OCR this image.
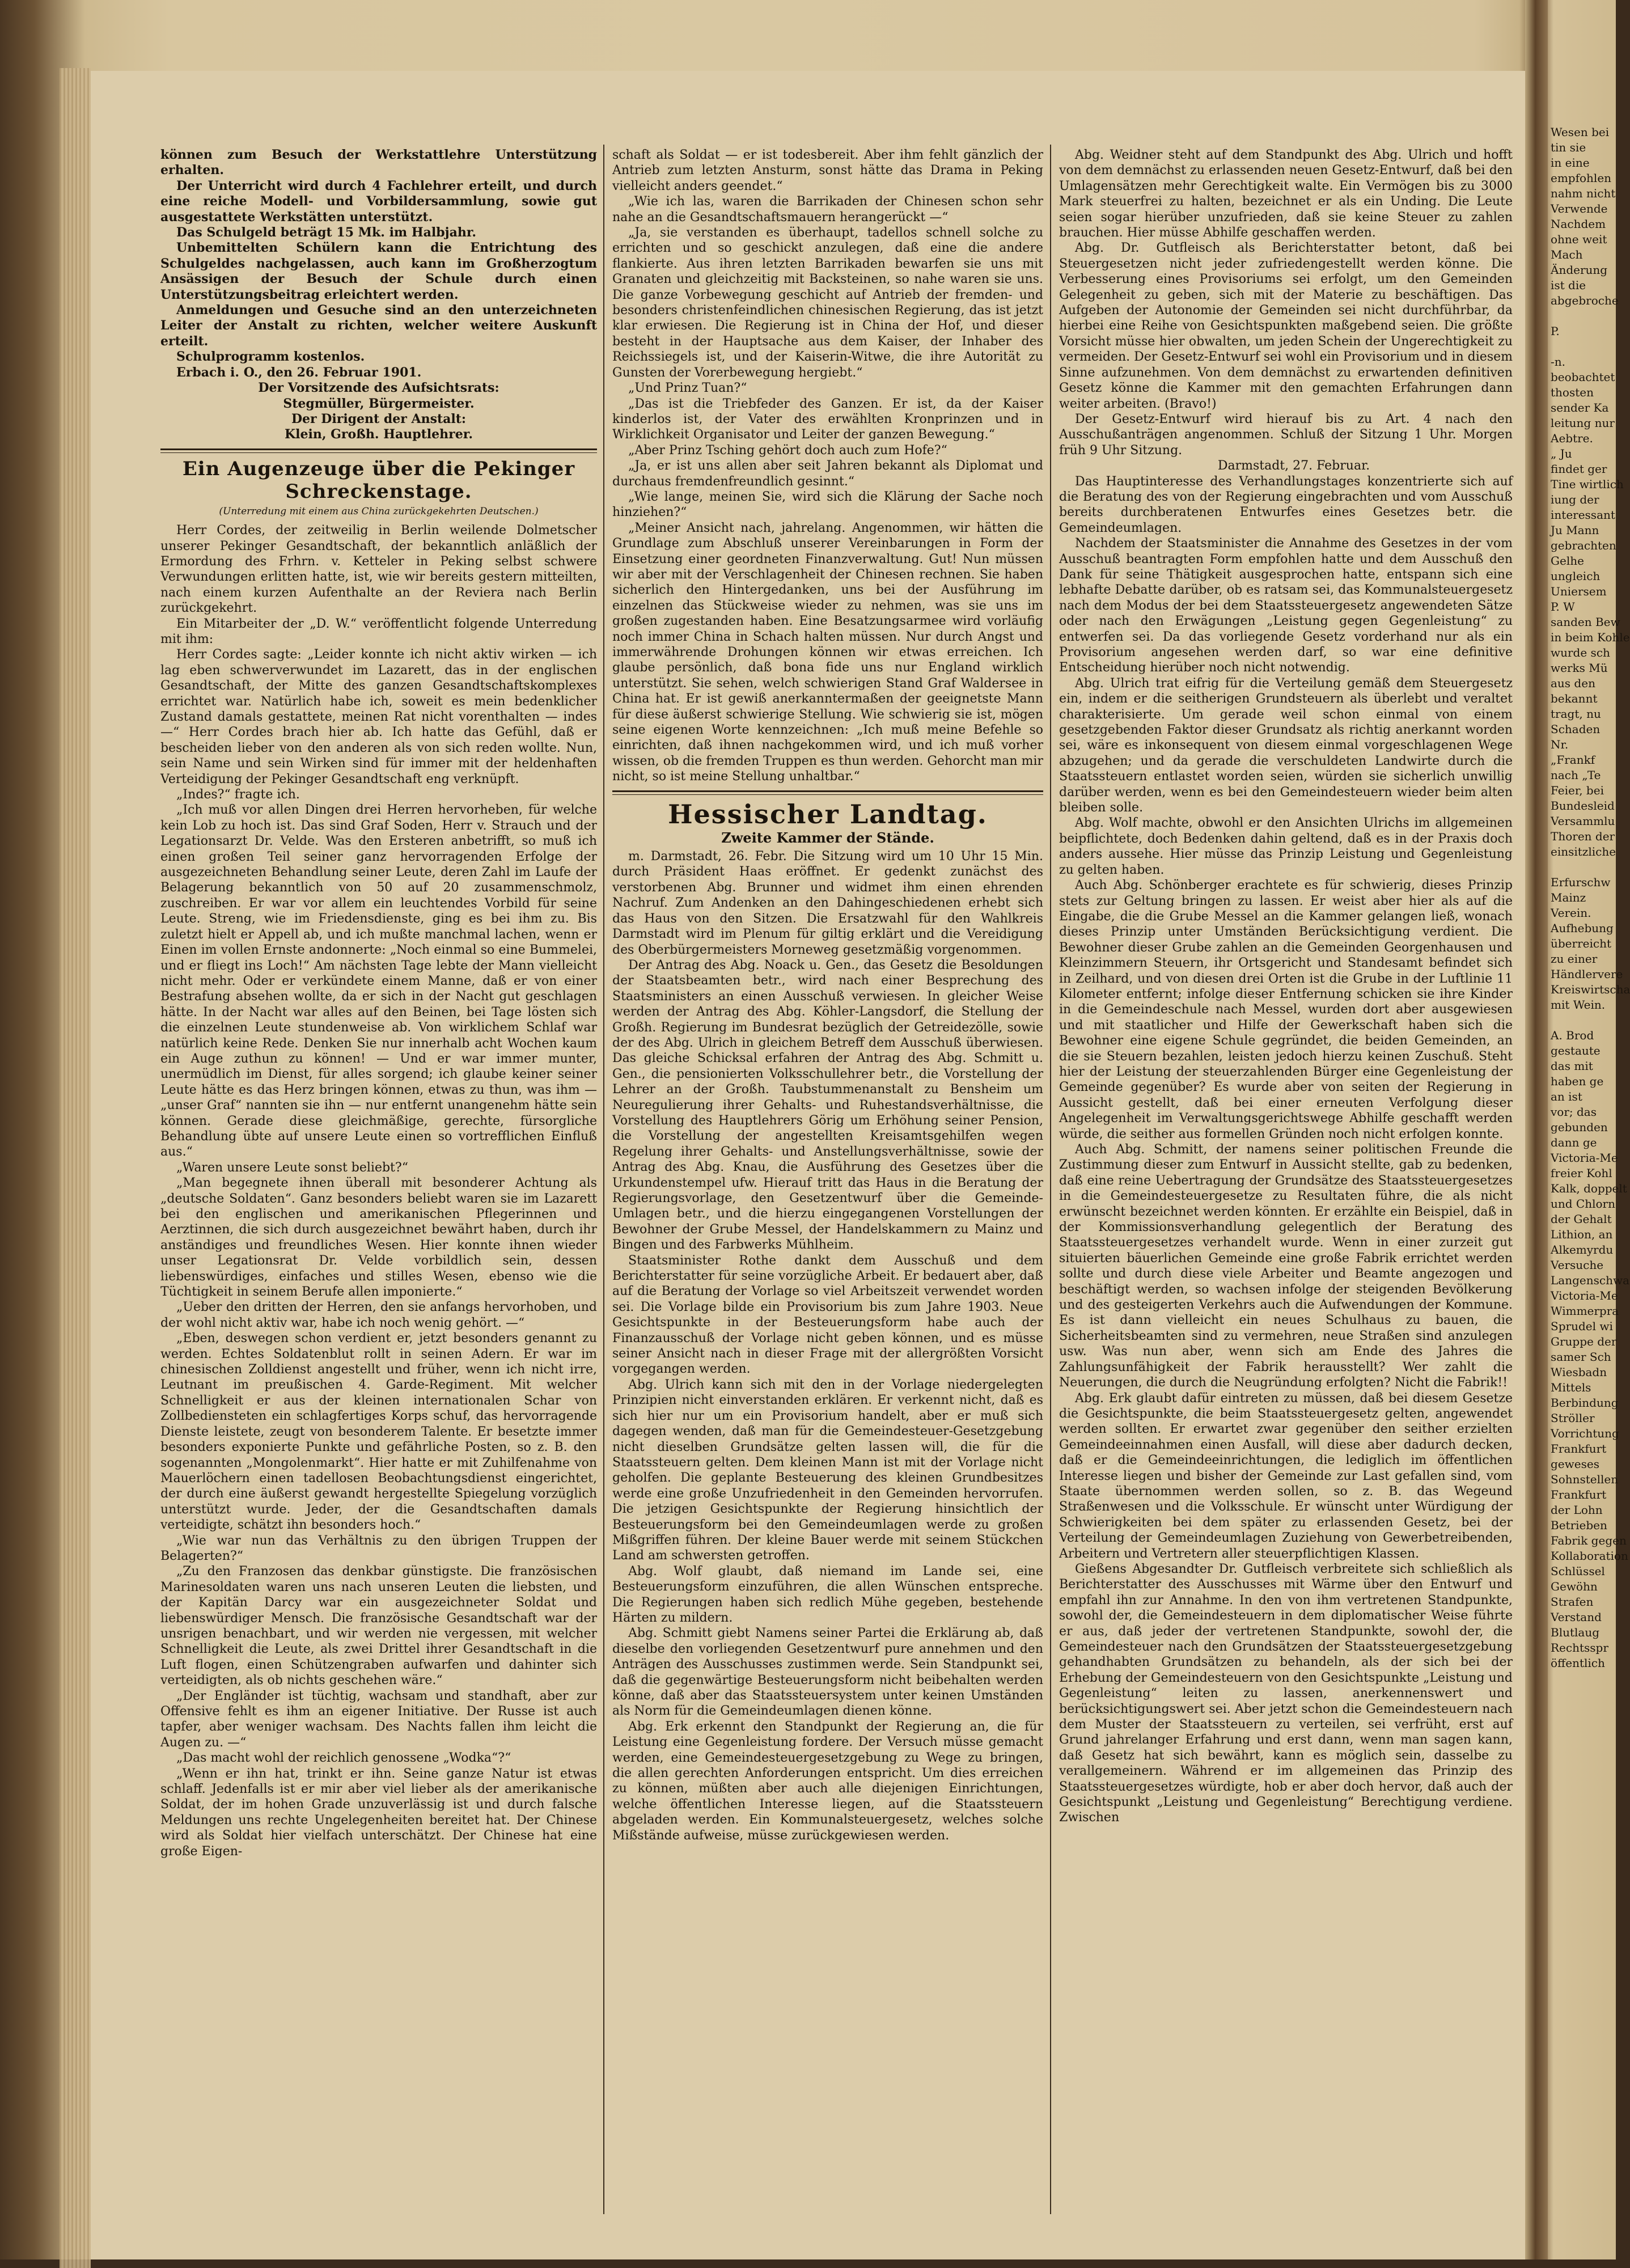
können zum Besuch der Werkstattlehre Unterstützung erhalten.

Der Unterricht wird durch 4 Fachlehrer erteilt, und durch eine reiche Modell- und Vorbildersammlung, sowie gut ausgestattete Werkstätten unterstützt.

Das Schulgeld beträgt 15 Mk. im Halbjahr.

Unbemittelten Schülern kann die Entrichtung des Schulgeldes nachgelassen, auch kann im Großherzogtum Ansässigen der Besuch der Schule durch einen Unterstützungsbeitrag erleichtert werden.

Anmeldungen und Gesuche sind an den unterzeichneten Leiter der Anstalt zu richten, welcher weitere Auskunft erteilt.

Schulprogramm kostenlos.

Erbach i. O., den 26. Februar 1901.

Der Vorsitzende des Aufsichtsrats:

Stegmüller, Bürgermeister.

Der Dirigent der Anstalt:

Klein, Großh. Hauptlehrer.

Ein Augenzeuge über die Pekinger Schreckenstage.
(Unterredung mit einem aus China zurückgekehrten Deutschen.)

Herr Cordes, der zeitweilig in Berlin weilende Dolmetscher unserer Pekinger Gesandtschaft, der bekanntlich anläßlich der Ermordung des Frhrn. v. Ketteler in Peking selbst schwere Verwundungen erlitten hatte, ist, wie wir bereits gestern mitteilten, nach einem kurzen Aufenthalte an der Reviera nach Berlin zurückgekehrt.

Ein Mitarbeiter der „D. W.“ veröffentlicht folgende Unterredung mit ihm:

Herr Cordes sagte: „Leider konnte ich nicht aktiv wirken — ich lag eben schwerverwundet im Lazarett, das in der englischen Gesandtschaft, der Mitte des ganzen Gesandtschaftskomplexes errichtet war. Natürlich habe ich, soweit es mein bedenklicher Zustand damals gestattete, meinen Rat nicht vorenthalten — indes —“ Herr Cordes brach hier ab. Ich hatte das Gefühl, daß er bescheiden lieber von den anderen als von sich reden wollte. Nun, sein Name und sein Wirken sind für immer mit der heldenhaften Verteidigung der Pekinger Gesandtschaft eng verknüpft.

„Indes?“ fragte ich.

„Ich muß vor allen Dingen drei Herren hervorheben, für welche kein Lob zu hoch ist. Das sind Graf Soden, Herr v. Strauch und der Legationsarzt Dr. Velde. Was den Ersteren anbetrifft, so muß ich einen großen Teil seiner ganz hervorragenden Erfolge der ausgezeichneten Behandlung seiner Leute, deren Zahl im Laufe der Belagerung bekanntlich von 50 auf 20 zusammenschmolz, zuschreiben. Er war vor allem ein leuchtendes Vorbild für seine Leute. Streng, wie im Friedensdienste, ging es bei ihm zu. Bis zuletzt hielt er Appell ab, und ich mußte manchmal lachen, wenn er Einen im vollen Ernste andonnerte: „Noch einmal so eine Bummelei, und er fliegt ins Loch!“ Am nächsten Tage lebte der Mann vielleicht nicht mehr. Oder er verkündete einem Manne, daß er von einer Bestrafung absehen wollte, da er sich in der Nacht gut geschlagen hätte. In der Nacht war alles auf den Beinen, bei Tage lösten sich die einzelnen Leute stundenweise ab. Von wirklichem Schlaf war natürlich keine Rede. Denken Sie nur innerhalb acht Wochen kaum ein Auge zuthun zu können! — Und er war immer munter, unermüdlich im Dienst, für alles sorgend; ich glaube keiner seiner Leute hätte es das Herz bringen können, etwas zu thun, was ihm — „unser Graf“ nannten sie ihn — nur entfernt unangenehm hätte sein können. Gerade diese gleichmäßige, gerechte, fürsorgliche Behandlung übte auf unsere Leute einen so vortrefflichen Einfluß aus.“

„Waren unsere Leute sonst beliebt?“

„Man begegnete ihnen überall mit besonderer Achtung als „deutsche Soldaten“. Ganz besonders beliebt waren sie im Lazarett bei den englischen und amerikanischen Pflegerinnen und Aerztinnen, die sich durch ausgezeichnet bewährt haben, durch ihr anständiges und freundliches Wesen. Hier konnte ihnen wieder unser Legationsrat Dr. Velde vorbildlich sein, dessen liebenswürdiges, einfaches und stilles Wesen, ebenso wie die Tüchtigkeit in seinem Berufe allen imponierte.“

„Ueber den dritten der Herren, den sie anfangs hervorhoben, und der wohl nicht aktiv war, habe ich noch wenig gehört. —“

„Eben, deswegen schon verdient er, jetzt besonders genannt zu werden. Echtes Soldatenblut rollt in seinen Adern. Er war im chinesischen Zolldienst angestellt und früher, wenn ich nicht irre, Leutnant im preußischen 4. Garde-Regiment. Mit welcher Schnelligkeit er aus der kleinen internationalen Schar von Zollbediensteten ein schlagfertiges Korps schuf, das hervorragende Dienste leistete, zeugt von besonderem Talente. Er besetzte immer besonders exponierte Punkte und gefährliche Posten, so z. B. den sogenannten „Mongolenmarkt“. Hier hatte er mit Zuhilfenahme von Mauerlöchern einen tadellosen Beobachtungsdienst eingerichtet, der durch eine äußerst gewandt hergestellte Spiegelung vorzüglich unterstützt wurde. Jeder, der die Gesandtschaften damals verteidigte, schätzt ihn besonders hoch.“

„Wie war nun das Verhältnis zu den übrigen Truppen der Belagerten?“

„Zu den Franzosen das denkbar günstigste. Die französischen Marinesoldaten waren uns nach unseren Leuten die liebsten, und der Kapitän Darcy war ein ausgezeichneter Soldat und liebenswürdiger Mensch. Die französische Gesandtschaft war der unsrigen benachbart, und wir werden nie vergessen, mit welcher Schnelligkeit die Leute, als zwei Drittel ihrer Gesandtschaft in die Luft flogen, einen Schützengraben aufwarfen und dahinter sich verteidigten, als ob nichts geschehen wäre.“

„Der Engländer ist tüchtig, wachsam und standhaft, aber zur Offensive fehlt es ihm an eigener Initiative. Der Russe ist auch tapfer, aber weniger wachsam. Des Nachts fallen ihm leicht die Augen zu. —“

„Das macht wohl der reichlich genossene „Wodka“?“

„Wenn er ihn hat, trinkt er ihn. Seine ganze Natur ist etwas schlaff. Jedenfalls ist er mir aber viel lieber als der amerikanische Soldat, der im hohen Grade unzuverlässig ist und durch falsche Meldungen uns rechte Ungelegenheiten bereitet hat. Der Chinese wird als Soldat hier vielfach unterschätzt. Der Chinese hat eine große Eigen-

schaft als Soldat — er ist todesbereit. Aber ihm fehlt gänzlich der Antrieb zum letzten Ansturm, sonst hätte das Drama in Peking vielleicht anders geendet.“

„Wie ich las, waren die Barrikaden der Chinesen schon sehr nahe an die Gesandtschaftsmauern herangerückt —“

„Ja, sie verstanden es überhaupt, tadellos schnell solche zu errichten und so geschickt anzulegen, daß eine die andere flankierte. Aus ihren letzten Barrikaden bewarfen sie uns mit Granaten und gleichzeitig mit Backsteinen, so nahe waren sie uns. Die ganze Vorbewegung geschicht auf Antrieb der fremden- und besonders christenfeindlichen chinesischen Regierung, das ist jetzt klar erwiesen. Die Regierung ist in China der Hof, und dieser besteht in der Hauptsache aus dem Kaiser, der Inhaber des Reichssiegels ist, und der Kaiserin-Witwe, die ihre Autorität zu Gunsten der Vorerbewegung hergiebt.“

„Und Prinz Tuan?“

„Das ist die Triebfeder des Ganzen. Er ist, da der Kaiser kinderlos ist, der Vater des erwählten Kronprinzen und in Wirklichkeit Organisator und Leiter der ganzen Bewegung.“

„Aber Prinz Tsching gehört doch auch zum Hofe?“

„Ja, er ist uns allen aber seit Jahren bekannt als Diplomat und durchaus fremdenfreundlich gesinnt.“

„Wie lange, meinen Sie, wird sich die Klärung der Sache noch hinziehen?“

„Meiner Ansicht nach, jahrelang. Angenommen, wir hätten die Grundlage zum Abschluß unserer Vereinbarungen in Form der Einsetzung einer geordneten Finanzverwaltung. Gut! Nun müssen wir aber mit der Verschlagenheit der Chinesen rechnen. Sie haben sicherlich den Hintergedanken, uns bei der Ausführung im einzelnen das Stückweise wieder zu nehmen, was sie uns im großen zugestanden haben. Eine Besatzungsarmee wird vorläufig noch immer China in Schach halten müssen. Nur durch Angst und immerwährende Drohungen können wir etwas erreichen. Ich glaube persönlich, daß bona fide uns nur England wirklich unterstützt. Sie sehen, welch schwierigen Stand Graf Waldersee in China hat. Er ist gewiß anerkanntermaßen der geeignetste Mann für diese äußerst schwierige Stellung. Wie schwierig sie ist, mögen seine eigenen Worte kennzeichnen: „Ich muß meine Befehle so einrichten, daß ihnen nachgekommen wird, und ich muß vorher wissen, ob die fremden Truppen es thun werden. Gehorcht man mir nicht, so ist meine Stellung unhaltbar.“

Hessischer Landtag.
Zweite Kammer der Stände.

m. Darmstadt, 26. Febr. Die Sitzung wird um 10 Uhr 15 Min. durch Präsident Haas eröffnet. Er gedenkt zunächst des verstorbenen Abg. Brunner und widmet ihm einen ehrenden Nachruf. Zum Andenken an den Dahingeschiedenen erhebt sich das Haus von den Sitzen. Die Ersatzwahl für den Wahlkreis Darmstadt wird im Plenum für giltig erklärt und die Vereidigung des Oberbürgermeisters Morneweg gesetzmäßig vorgenommen.

Der Antrag des Abg. Noack u. Gen., das Gesetz die Besoldungen der Staatsbeamten betr., wird nach einer Besprechung des Staatsministers an einen Ausschuß verwiesen. In gleicher Weise werden der Antrag des Abg. Köhler-Langsdorf, die Stellung der Großh. Regierung im Bundesrat bezüglich der Getreidezölle, sowie der des Abg. Ulrich in gleichem Betreff dem Ausschuß überwiesen. Das gleiche Schicksal erfahren der Antrag des Abg. Schmitt u. Gen., die pensionierten Volksschullehrer betr., die Vorstellung der Lehrer an der Großh. Taubstummenanstalt zu Bensheim um Neuregulierung ihrer Gehalts- und Ruhestandsverhältnisse, die Vorstellung des Hauptlehrers Görig um Erhöhung seiner Pension, die Vorstellung der angestellten Kreisamtsgehilfen wegen Regelung ihrer Gehalts- und Anstellungsverhältnisse, sowie der Antrag des Abg. Knau, die Ausführung des Gesetzes über die Urkundenstempel ufw. Hierauf tritt das Haus in die Beratung der Regierungsvorlage, den Gesetzentwurf über die Gemeinde-Umlagen betr., und die hierzu eingegangenen Vorstellungen der Bewohner der Grube Messel, der Handelskammern zu Mainz und Bingen und des Farbwerks Mühlheim.

Staatsminister Rothe dankt dem Ausschuß und dem Berichterstatter für seine vorzügliche Arbeit. Er bedauert aber, daß auf die Beratung der Vorlage so viel Arbeitszeit verwendet worden sei. Die Vorlage bilde ein Provisorium bis zum Jahre 1903. Neue Gesichtspunkte in der Besteuerungsform habe auch der Finanzausschuß der Vorlage nicht geben können, und es müsse seiner Ansicht nach in dieser Frage mit der allergrößten Vorsicht vorgegangen werden.

Abg. Ulrich kann sich mit den in der Vorlage niedergelegten Prinzipien nicht einverstanden erklären. Er verkennt nicht, daß es sich hier nur um ein Provisorium handelt, aber er muß sich dagegen wenden, daß man für die Gemeindesteuer-Gesetzgebung nicht dieselben Grundsätze gelten lassen will, die für die Staatssteuern gelten. Dem kleinen Mann ist mit der Vorlage nicht geholfen. Die geplante Besteuerung des kleinen Grundbesitzes werde eine große Unzufriedenheit in den Gemeinden hervorrufen. Die jetzigen Gesichtspunkte der Regierung hinsichtlich der Besteuerungsform bei den Gemeindeumlagen werde zu großen Mißgriffen führen. Der kleine Bauer werde mit seinem Stückchen Land am schwersten getroffen.

Abg. Wolf glaubt, daß niemand im Lande sei, eine Besteuerungsform einzuführen, die allen Wünschen entspreche. Die Regierungen haben sich redlich Mühe gegeben, bestehende Härten zu mildern.

Abg. Schmitt giebt Namens seiner Partei die Erklärung ab, daß dieselbe den vorliegenden Gesetzentwurf pure annehmen und den Anträgen des Ausschusses zustimmen werde. Sein Standpunkt sei, daß die gegenwärtige Besteuerungsform nicht beibehalten werden könne, daß aber das Staatssteuersystem unter keinen Umständen als Norm für die Gemeindeumlagen dienen könne.

Abg. Erk erkennt den Standpunkt der Regierung an, die für Leistung eine Gegenleistung fordere. Der Versuch müsse gemacht werden, eine Gemeindesteuergesetzgebung zu Wege zu bringen, die allen gerechten Anforderungen entspricht. Um dies erreichen zu können, müßten aber auch alle diejenigen Einrichtungen, welche öffentlichen Interesse liegen, auf die Staatssteuern abgeladen werden. Ein Kommunalsteuergesetz, welches solche Mißstände aufweise, müsse zurückgewiesen werden.

Abg. Weidner steht auf dem Standpunkt des Abg. Ulrich und hofft von dem demnächst zu erlassenden neuen Gesetz-Entwurf, daß bei den Umlagensätzen mehr Gerechtigkeit walte. Ein Vermögen bis zu 3000 Mark steuerfrei zu halten, bezeichnet er als ein Unding. Die Leute seien sogar hierüber unzufrieden, daß sie keine Steuer zu zahlen brauchen. Hier müsse Abhilfe geschaffen werden.

Abg. Dr. Gutfleisch als Berichterstatter betont, daß bei Steuergesetzen nicht jeder zufriedengestellt werden könne. Die Verbesserung eines Provisoriums sei erfolgt, um den Gemeinden Gelegenheit zu geben, sich mit der Materie zu beschäftigen. Das Aufgeben der Autonomie der Gemeinden sei nicht durchführbar, da hierbei eine Reihe von Gesichtspunkten maßgebend seien. Die größte Vorsicht müsse hier obwalten, um jeden Schein der Ungerechtigkeit zu vermeiden. Der Gesetz-Entwurf sei wohl ein Provisorium und in diesem Sinne aufzunehmen. Von dem demnächst zu erwartenden definitiven Gesetz könne die Kammer mit den gemachten Erfahrungen dann weiter arbeiten. (Bravo!)

Der Gesetz-Entwurf wird hierauf bis zu Art. 4 nach den Ausschußanträgen angenommen. Schluß der Sitzung 1 Uhr. Morgen früh 9 Uhr Sitzung.

Darmstadt, 27. Februar.

Das Hauptinteresse des Verhandlungstages konzentrierte sich auf die Beratung des von der Regierung eingebrachten und vom Ausschuß bereits durchberatenen Entwurfes eines Gesetzes betr. die Gemeindeumlagen.

Nachdem der Staatsminister die Annahme des Gesetzes in der vom Ausschuß beantragten Form empfohlen hatte und dem Ausschuß den Dank für seine Thätigkeit ausgesprochen hatte, entspann sich eine lebhafte Debatte darüber, ob es ratsam sei, das Kommunalsteuergesetz nach dem Modus der bei dem Staatssteuergesetz angewendeten Sätze oder nach den Erwägungen „Leistung gegen Gegenleistung“ zu entwerfen sei. Da das vorliegende Gesetz vorderhand nur als ein Provisorium angesehen werden darf, so war eine definitive Entscheidung hierüber noch nicht notwendig.

Abg. Ulrich trat eifrig für die Verteilung gemäß dem Steuergesetz ein, indem er die seitherigen Grundsteuern als überlebt und veraltet charakterisierte. Um gerade weil schon einmal von einem gesetzgebenden Faktor dieser Grundsatz als richtig anerkannt worden sei, wäre es inkonsequent von diesem einmal vorgeschlagenen Wege abzugehen; und da gerade die verschuldeten Landwirte durch die Staatssteuern entlastet worden seien, würden sie sicherlich unwillig darüber werden, wenn es bei den Gemeindesteuern wieder beim alten bleiben solle.

Abg. Wolf machte, obwohl er den Ansichten Ulrichs im allgemeinen beipflichtete, doch Bedenken dahin geltend, daß es in der Praxis doch anders aussehe. Hier müsse das Prinzip Leistung und Gegenleistung zu gelten haben.

Auch Abg. Schönberger erachtete es für schwierig, dieses Prinzip stets zur Geltung bringen zu lassen. Er weist aber hier als auf die Eingabe, die die Grube Messel an die Kammer gelangen ließ, wonach dieses Prinzip unter Umständen Berücksichtigung verdient. Die Bewohner dieser Grube zahlen an die Gemeinden Georgenhausen und Kleinzimmern Steuern, ihr Ortsgericht und Standesamt befindet sich in Zeilhard, und von diesen drei Orten ist die Grube in der Luftlinie 11 Kilometer entfernt; infolge dieser Entfernung schicken sie ihre Kinder in die Gemeindeschule nach Messel, wurden dort aber ausgewiesen und mit staatlicher und Hilfe der Gewerkschaft haben sich die Bewohner eine eigene Schule gegründet, die beiden Gemeinden, an die sie Steuern bezahlen, leisten jedoch hierzu keinen Zuschuß. Steht hier der Leistung der steuerzahlenden Bürger eine Gegenleistung der Gemeinde gegenüber? Es wurde aber von seiten der Regierung in Aussicht gestellt, daß bei einer erneuten Verfolgung dieser Angelegenheit im Verwaltungsgerichtswege Abhilfe geschafft werden würde, die seither aus formellen Gründen noch nicht erfolgen konnte.

Auch Abg. Schmitt, der namens seiner politischen Freunde die Zustimmung dieser zum Entwurf in Aussicht stellte, gab zu bedenken, daß eine reine Uebertragung der Grundsätze des Staatssteuergesetzes in die Gemeindesteuergesetze zu Resultaten führe, die als nicht erwünscht bezeichnet werden könnten. Er erzählte ein Beispiel, daß in der Kommissionsverhandlung gelegentlich der Beratung des Staatssteuergesetzes verhandelt wurde. Wenn in einer zurzeit gut situierten bäuerlichen Gemeinde eine große Fabrik errichtet werden sollte und durch diese viele Arbeiter und Beamte angezogen und beschäftigt werden, so wachsen infolge der steigenden Bevölkerung und des gesteigerten Verkehrs auch die Aufwendungen der Kommune. Es ist dann vielleicht ein neues Schulhaus zu bauen, die Sicherheitsbeamten sind zu vermehren, neue Straßen sind anzulegen usw. Was nun aber, wenn sich am Ende des Jahres die Zahlungsunfähigkeit der Fabrik herausstellt? Wer zahlt die Neuerungen, die durch die Neugründung erfolgten? Nicht die Fabrik!!

Abg. Erk glaubt dafür eintreten zu müssen, daß bei diesem Gesetze die Gesichtspunkte, die beim Staatssteuergesetz gelten, angewendet werden sollten. Er erwartet zwar gegenüber den seither erzielten Gemeindeeinnahmen einen Ausfall, will diese aber dadurch decken, daß er die Gemeindeeinrichtungen, die lediglich im öffentlichen Interesse liegen und bisher der Gemeinde zur Last gefallen sind, vom Staate übernommen werden sollen, so z. B. das Wegeund Straßenwesen und die Volksschule. Er wünscht unter Würdigung der Schwierigkeiten bei dem später zu erlassenden Gesetz, bei der Verteilung der Gemeindeumlagen Zuziehung von Gewerbetreibenden, Arbeitern und Vertretern aller steuerpflichtigen Klassen.

Gießens Abgesandter Dr. Gutfleisch verbreitete sich schließlich als Berichterstatter des Ausschusses mit Wärme über den Entwurf und empfahl ihn zur Annahme. In den von ihm vertretenen Standpunkte, sowohl der, die Gemeindesteuern in dem diplomatischer Weise führte er aus, daß jeder der vertretenen Standpunkte, sowohl der, die Gemeindesteuer nach den Grundsätzen der Staatssteuergesetzgebung gehandhabten Grundsätzen zu behandeln, als der sich bei der Erhebung der Gemeindesteuern von den Gesichtspunkte „Leistung und Gegenleistung“ leiten zu lassen, anerkennenswert und berücksichtigungswert sei. Aber jetzt schon die Gemeindesteuern nach dem Muster der Staatssteuern zu verteilen, sei verfrüht, erst auf Grund jahrelanger Erfahrung und erst dann, wenn man sagen kann, daß Gesetz hat sich bewährt, kann es möglich sein, dasselbe zu verallgemeinern. Während er im allgemeinen das Prinzip des Staatssteuergesetzes würdigte, hob er aber doch hervor, daß auch der Gesichtspunkt „Leistung und Gegenleistung“ Berechtigung verdiene. Zwischen

Wesen bei
tin sie
in eine
empfohlen
nahm nicht
Verwende
Nachdem
ohne weit
Mach
Änderung
ist die
abgebroche
P.
-n.
beobachtet
thosten
sender Ka
leitung nur
Aebtre.
„ Ju
findet ger
Tine wirtlich
iung der
interessant
Ju Mann
gebrachten
Gelhe
ungleich
Uniersem
P. W
sanden Bew
in beim Kohle
wurde sch
werks Mü
aus den
bekannt
tragt, nu
Schaden
Nr.
„Frankf
nach „Te
Feier, bei
Bundesleid
Versammlu
Thoren der
einsitzliche
Erfurschw
Mainz
Verein.
Aufhebung
überreicht
zu einer
Händlervere
Kreiswirtscha
mit Wein.
A. Brod
gestaute
das mit
haben ge
an ist
vor; das
gebunden
dann ge
Victoria-Me
freier Kohl
Kalk, doppelt
und Chlorn
der Gehalt
Lithion, an
Alkemyrdu
Versuche
Langenschwa
Victoria-Me
Wimmerpra
Sprudel wi
Gruppe der
samer Sch
Wiesbadn
Mittels
Berbindung
Ströller
Vorrichtung
Frankfurt
geweses
Sohnstellen
Frankfurt
der Lohn
Betrieben
Fabrik gegen
Kollaboration
Schlüssel
Gewöhn
Strafen
Verstand
Blutlaug
Rechtsspr
öffentlich
